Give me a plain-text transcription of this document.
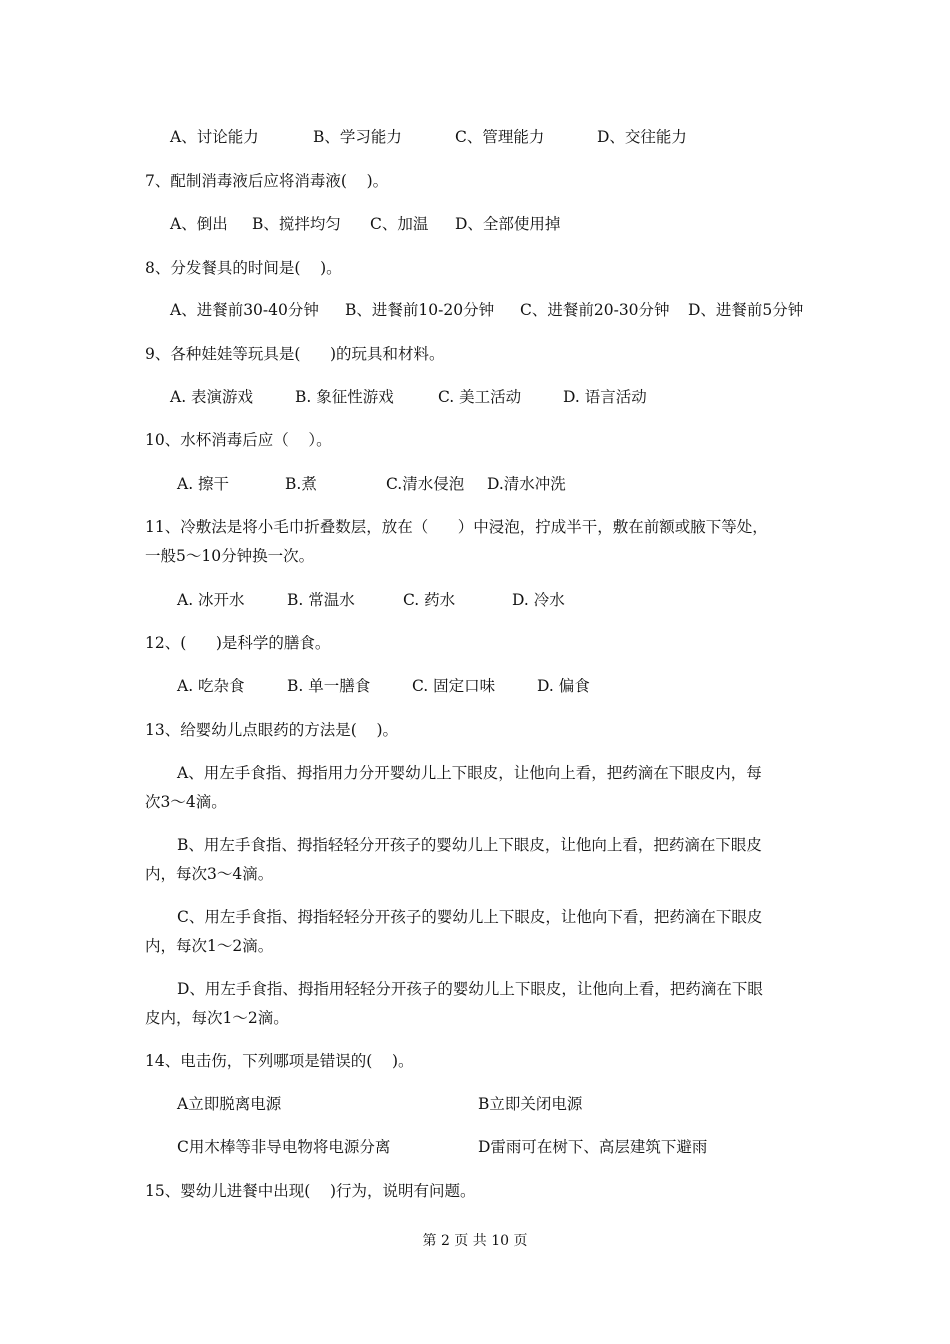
A、讨论能力	B、学习能力	C、管理能力	D、交往能力
7、配制消毒液后应将消毒液(    )。
A、倒出 B、搅拌均匀 C、加温 D、全部使用掉
8、分发餐具的时间是(    )。
A、进餐前30-40分钟 B、进餐前10-20分钟 C、进餐前20-30分钟 D、进餐前5分钟
9、各种娃娃等玩具是(      )的玩具和材料。
A. 表演游戏	B. 象征性游戏	C. 美工活动	D. 语言活动
10、水杯消毒后应（    ）。
A. 擦干	B.煮	C.清水侵泡 D.清水冲洗
11、冷敷法是将小毛巾折叠数层，放在（      ）中浸泡，拧成半干，敷在前额或腋下等处，
一般5～10分钟换一次。
A. 冰开水	B. 常温水	C. 药水	D. 冷水
12、(      )是科学的膳食。
A. 吃杂食	B. 单一膳食	C. 固定口味	D. 偏食
13、给婴幼儿点眼药的方法是(    )。
A、用左手食指、拇指用力分开婴幼儿上下眼皮，让他向上看，把药滴在下眼皮内，每
次3～4滴。
B、用左手食指、拇指轻轻分开孩子的婴幼儿上下眼皮，让他向上看，把药滴在下眼皮
内，每次3～4滴。
C、用左手食指、拇指轻轻分开孩子的婴幼儿上下眼皮，让他向下看，把药滴在下眼皮
内，每次1～2滴。
D、用左手食指、拇指用轻轻分开孩子的婴幼儿上下眼皮，让他向上看，把药滴在下眼
皮内，每次1～2滴。
14、电击伤，下列哪项是错误的(    )。
A立即脱离电源	B立即关闭电源
C用木棒等非导电物将电源分离	D雷雨可在树下、高层建筑下避雨
15、婴幼儿进餐中出现(    )行为，说明有问题。
第 2 页 共 10 页
